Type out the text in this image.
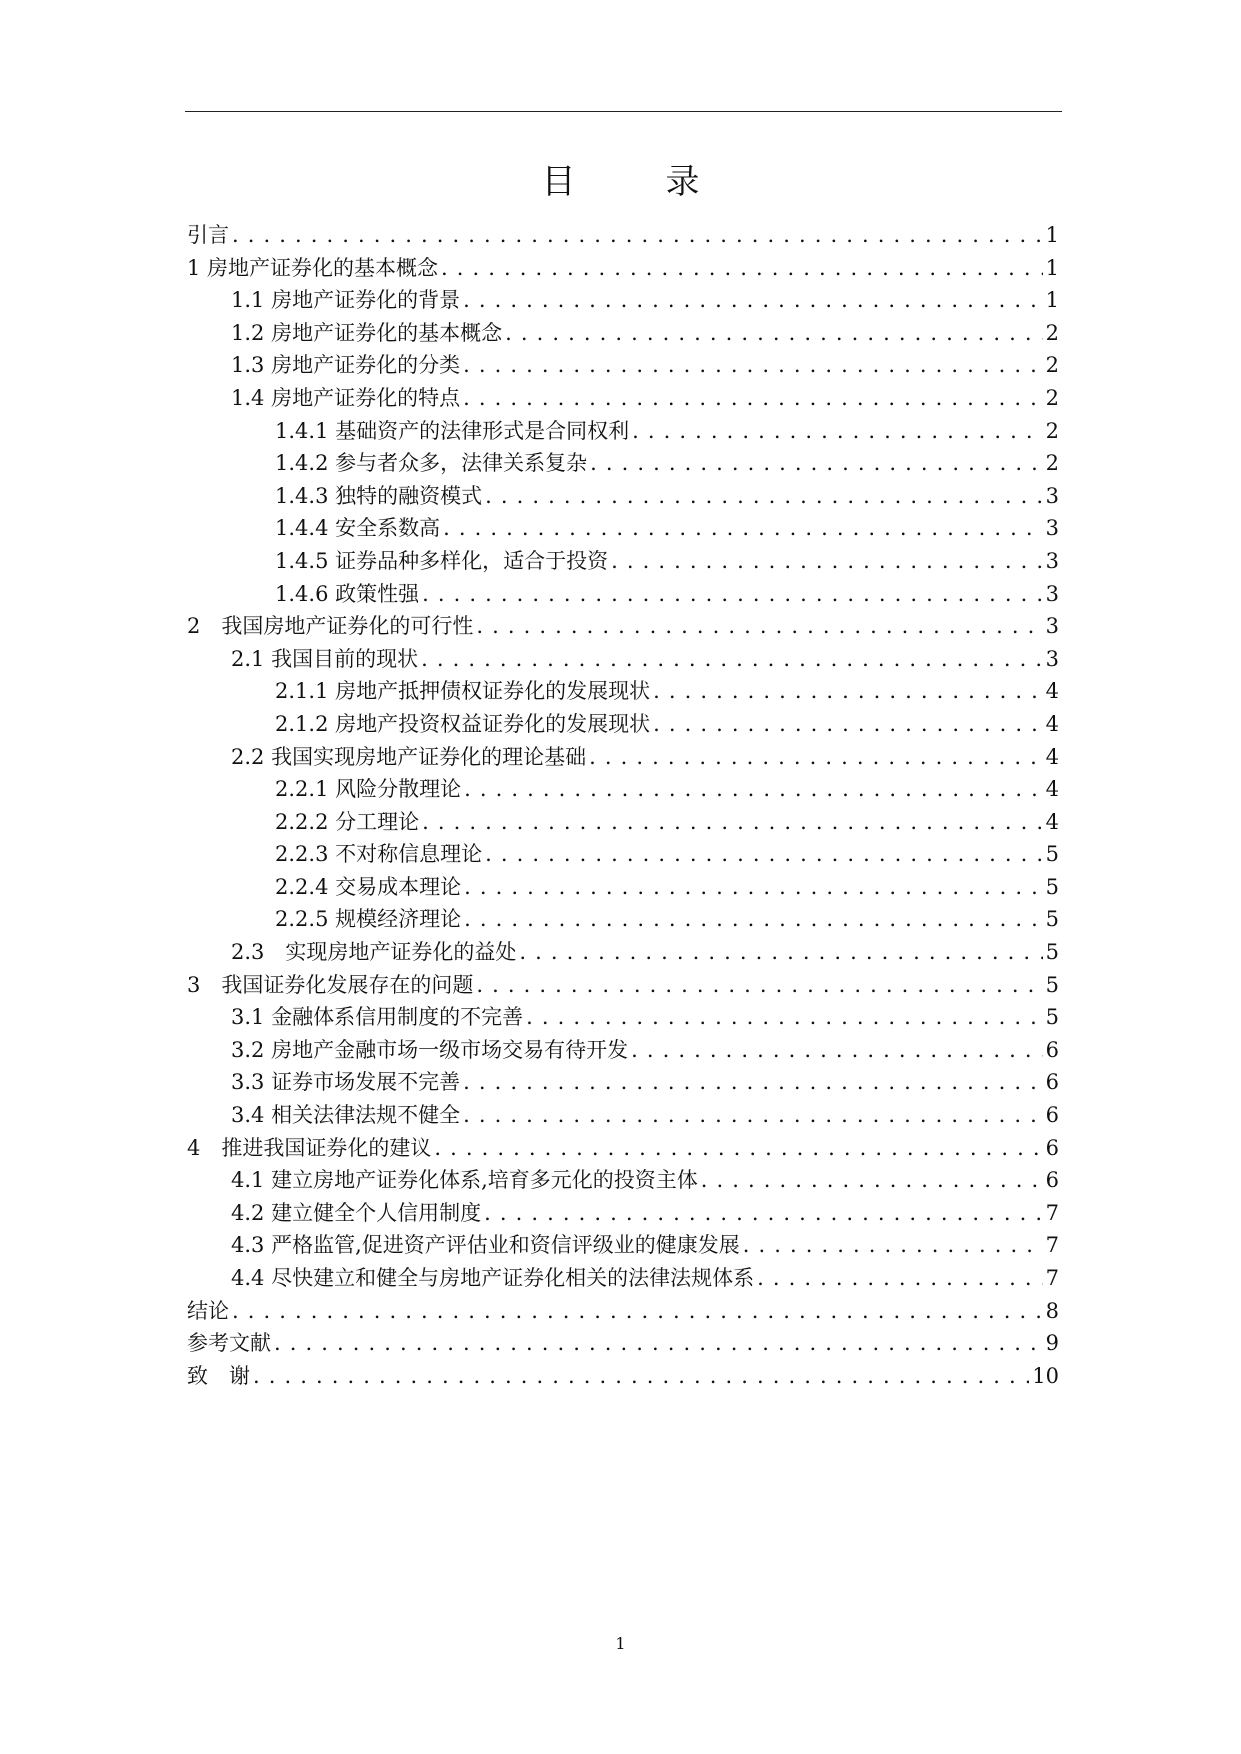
目　录
引言 . . .	1
1 房地产证券化的基本概念 . . .	1
1.1 房地产证券化的背景 . . .	1
1.2 房地产证券化的基本概念 . . .	2
1.3 房地产证券化的分类 . . .	2
1.4 房地产证券化的特点 . . .	2
1.4.1 基础资产的法律形式是合同权利 . . .	2
1.4.2 参与者众多，法律关系复杂 . . .	2
1.4.3 独特的融资模式 . . .	3
1.4.4 安全系数高 . . .	3
1.4.5 证券品种多样化，适合于投资 . . .	3
1.4.6 政策性强 . . .	3
2　我国房地产证券化的可行性 . . .	3
2.1 我国目前的现状 . . .	3
2.1.1 房地产抵押债权证券化的发展现状 . . .	4
2.1.2 房地产投资权益证券化的发展现状 . . .	4
2.2 我国实现房地产证券化的理论基础 . . .	4
2.2.1 风险分散理论 . . .	4
2.2.2 分工理论 . . .	4
2.2.3 不对称信息理论 . . .	5
2.2.4 交易成本理论 . . .	5
2.2.5 规模经济理论 . . .	5
2.3　实现房地产证券化的益处 . . .	5
3　我国证券化发展存在的问题 . . .	5
3.1 金融体系信用制度的不完善 . . .	5
3.2 房地产金融市场一级市场交易有待开发 . . .	6
3.3 证券市场发展不完善 . . .	6
3.4 相关法律法规不健全 . . .	6
4　推进我国证券化的建议 . . .	6
4.1 建立房地产证券化体系,培育多元化的投资主体 . . .	6
4.2 建立健全个人信用制度 . . .	7
4.3 严格监管,促进资产评估业和资信评级业的健康发展 . . .	7
4.4 尽快建立和健全与房地产证券化相关的法律法规体系 . . .	7
结论 . . .	8
参考文献 . . .	9
致　谢 . . .	10
1
